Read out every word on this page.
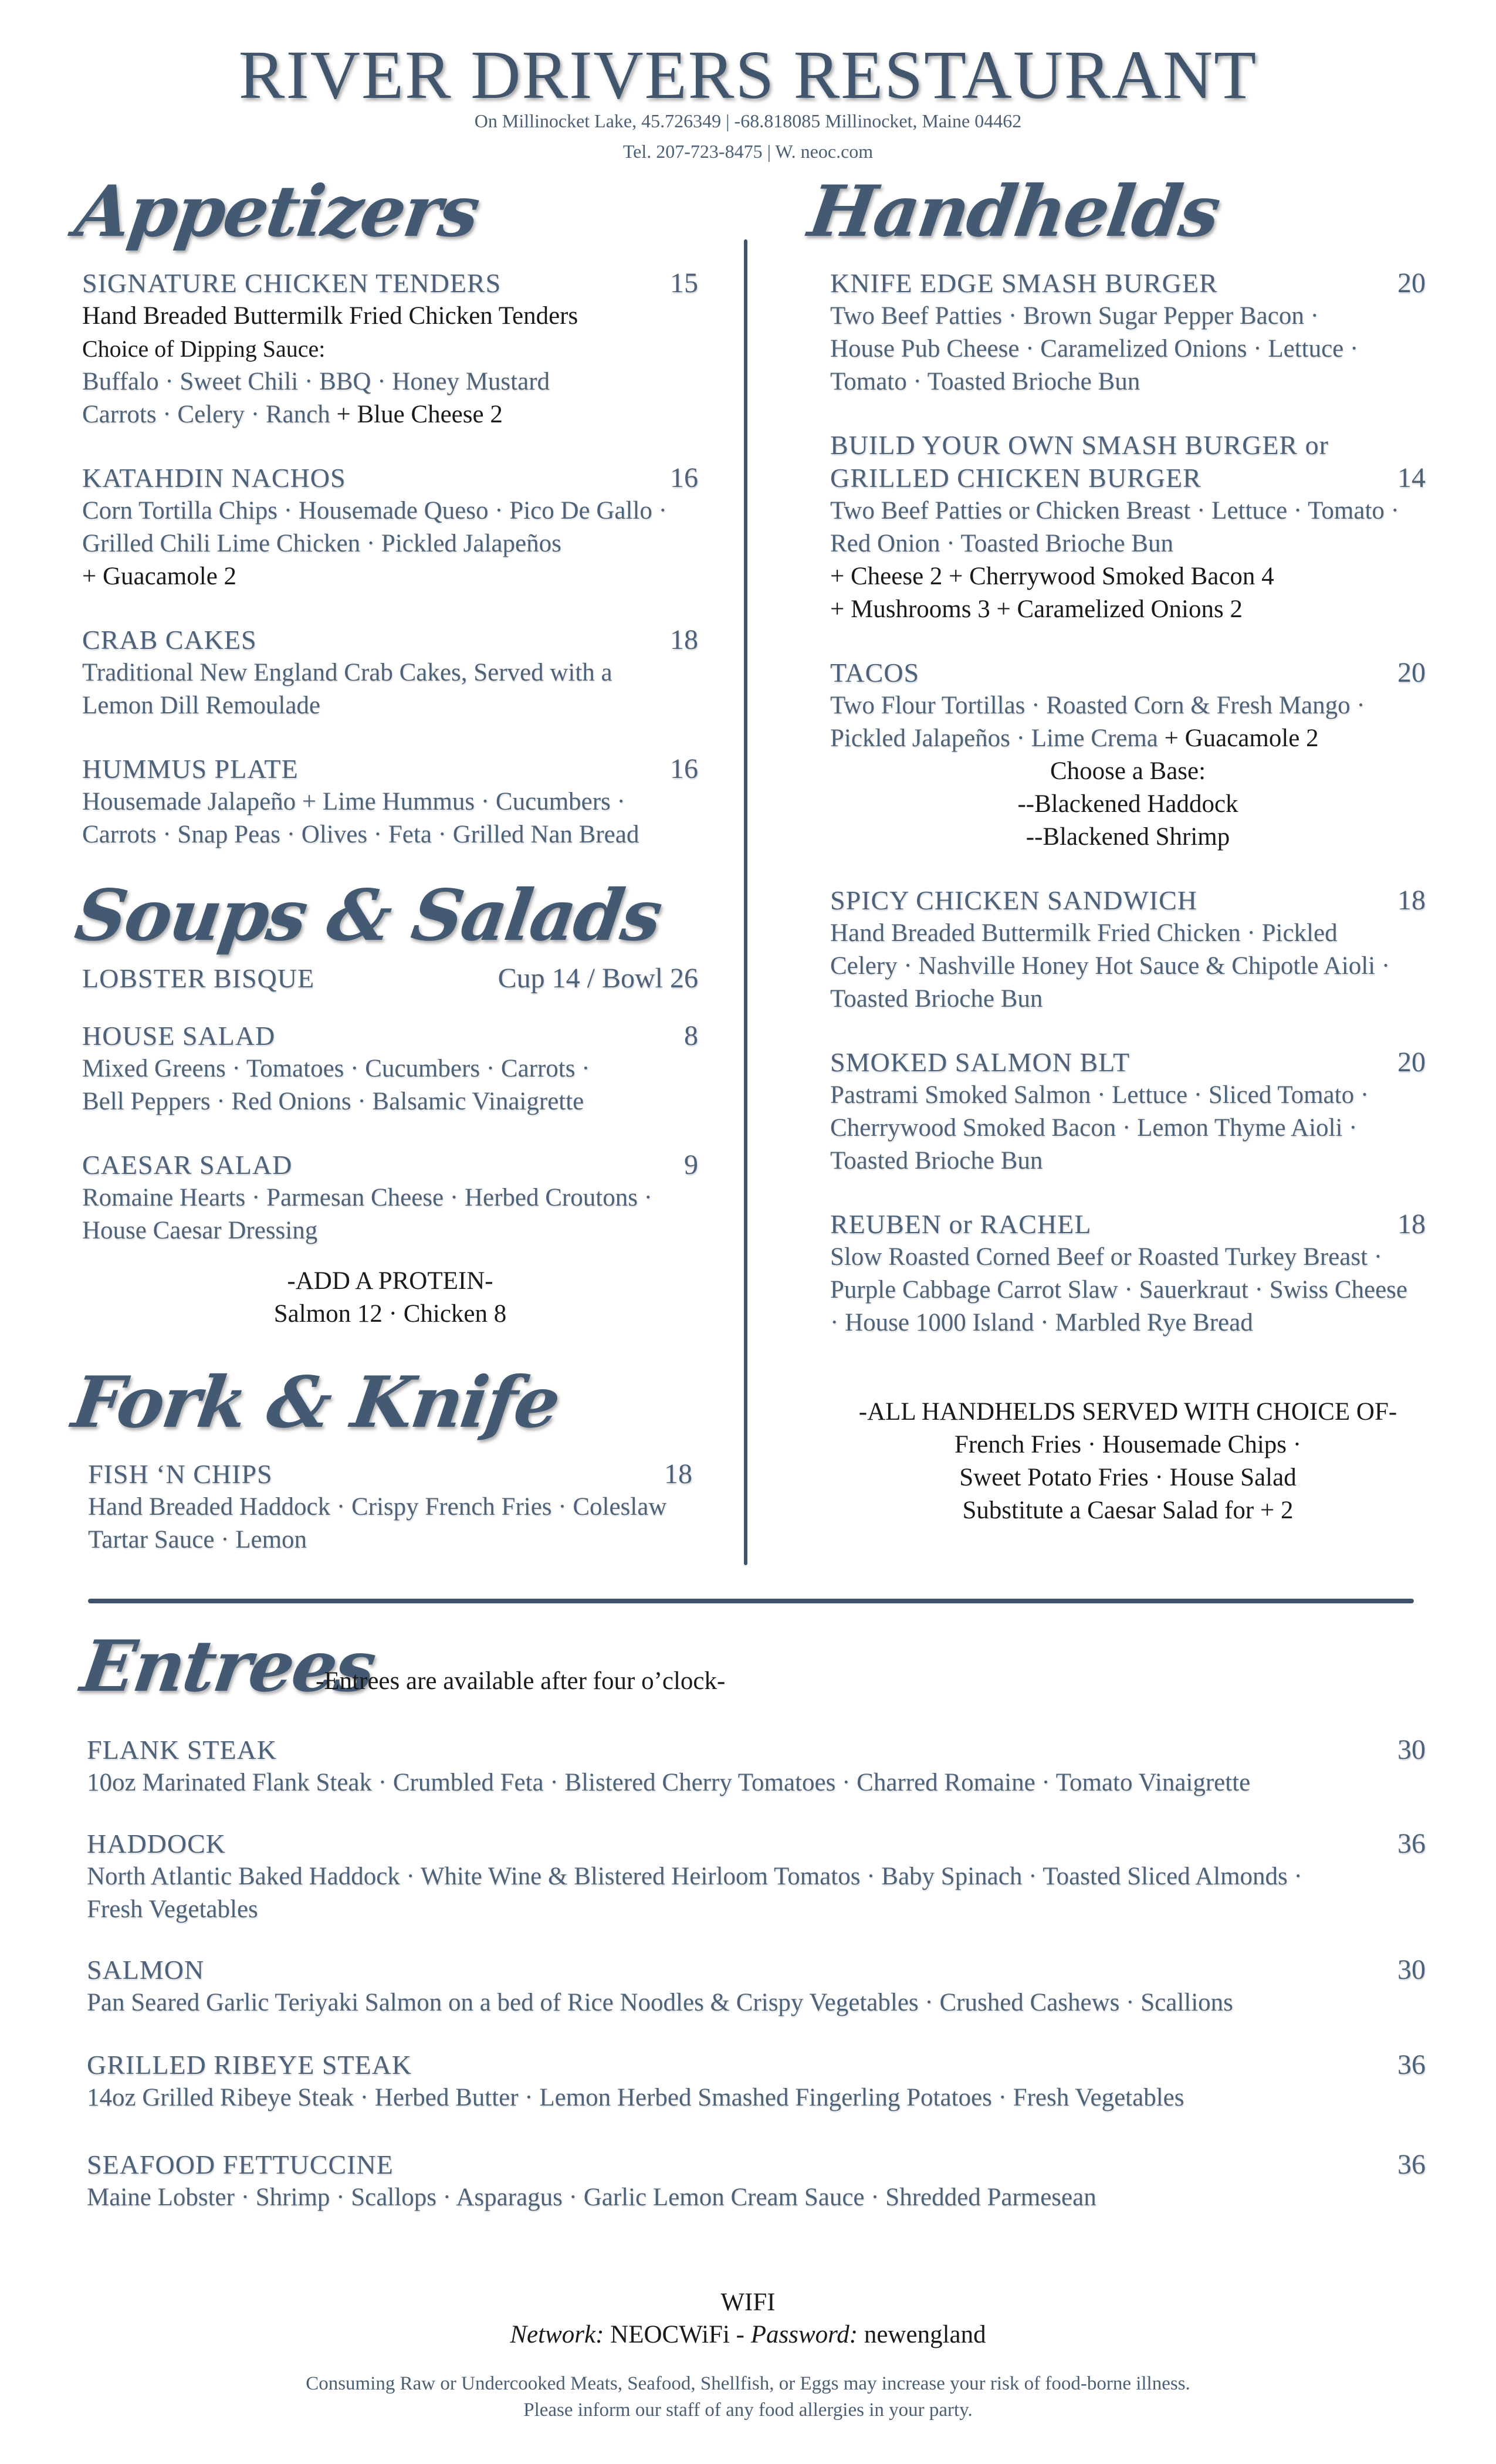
RIVER DRIVERS RESTAURANT
On Millinocket Lake, 45.726349 | -68.818085 Millinocket, Maine 04462
Tel. 207-723-8475 | W. neoc.com
Appetizers
SIGNATURE CHICKEN TENDERS	15
Hand Breaded Buttermilk Fried Chicken Tenders
Choice of Dipping Sauce:
Buffalo · Sweet Chili · BBQ · Honey Mustard
Carrots · Celery · Ranch + Blue Cheese 2
KATAHDIN NACHOS	16
Corn Tortilla Chips · Housemade Queso · Pico De Gallo ·
Grilled Chili Lime Chicken · Pickled Jalapeños
+ Guacamole 2
CRAB CAKES	18
Traditional New England Crab Cakes, Served with a
Lemon Dill Remoulade
HUMMUS PLATE	16
Housemade Jalapeño + Lime Hummus · Cucumbers ·
Carrots · Snap Peas · Olives · Feta · Grilled Nan Bread
Soups & Salads
LOBSTER BISQUE	Cup 14 / Bowl 26
HOUSE SALAD	8
Mixed Greens · Tomatoes · Cucumbers · Carrots ·
Bell Peppers · Red Onions · Balsamic Vinaigrette
CAESAR SALAD	9
Romaine Hearts · Parmesan Cheese · Herbed Croutons ·
House Caesar Dressing
-ADD A PROTEIN-
Salmon 12 · Chicken 8
Fork & Knife
FISH ‘N CHIPS	18
Hand Breaded Haddock · Crispy French Fries · Coleslaw
Tartar Sauce · Lemon
Handhelds
KNIFE EDGE SMASH BURGER	20
Two Beef Patties · Brown Sugar Pepper Bacon ·
House Pub Cheese · Caramelized Onions · Lettuce ·
Tomato · Toasted Brioche Bun
BUILD YOUR OWN SMASH BURGER or
GRILLED CHICKEN BURGER	14
Two Beef Patties or Chicken Breast · Lettuce · Tomato ·
Red Onion · Toasted Brioche Bun
+ Cheese 2 + Cherrywood Smoked Bacon 4
+ Mushrooms 3 + Caramelized Onions 2
TACOS	20
Two Flour Tortillas · Roasted Corn & Fresh Mango ·
Pickled Jalapeños · Lime Crema + Guacamole 2
Choose a Base:
--Blackened Haddock
--Blackened Shrimp
SPICY CHICKEN SANDWICH	18
Hand Breaded Buttermilk Fried Chicken · Pickled
Celery · Nashville Honey Hot Sauce & Chipotle Aioli ·
Toasted Brioche Bun
SMOKED SALMON BLT	20
Pastrami Smoked Salmon · Lettuce · Sliced Tomato ·
Cherrywood Smoked Bacon · Lemon Thyme Aioli ·
Toasted Brioche Bun
REUBEN or RACHEL	18
Slow Roasted Corned Beef or Roasted Turkey Breast ·
Purple Cabbage Carrot Slaw · Sauerkraut · Swiss Cheese
· House 1000 Island · Marbled Rye Bread
-ALL HANDHELDS SERVED WITH CHOICE OF-
French Fries · Housemade Chips ·
Sweet Potato Fries · House Salad
Substitute a Caesar Salad for + 2
Entrees
-Entrees are available after four o’clock-
FLANK STEAK	30
10oz Marinated Flank Steak · Crumbled Feta · Blistered Cherry Tomatoes · Charred Romaine · Tomato Vinaigrette
HADDOCK	36
North Atlantic Baked Haddock · White Wine & Blistered Heirloom Tomatos · Baby Spinach · Toasted Sliced Almonds ·
Fresh Vegetables
SALMON	30
Pan Seared Garlic Teriyaki Salmon on a bed of Rice Noodles & Crispy Vegetables · Crushed Cashews · Scallions
GRILLED RIBEYE STEAK	36
14oz Grilled Ribeye Steak · Herbed Butter · Lemon Herbed Smashed Fingerling Potatoes · Fresh Vegetables
SEAFOOD FETTUCCINE	36
Maine Lobster · Shrimp · Scallops · Asparagus · Garlic Lemon Cream Sauce · Shredded Parmesean
WIFI
Network: NEOCWiFi - Password: newengland
Consuming Raw or Undercooked Meats, Seafood, Shellfish, or Eggs may increase your risk of food-borne illness.
Please inform our staff of any food allergies in your party.
